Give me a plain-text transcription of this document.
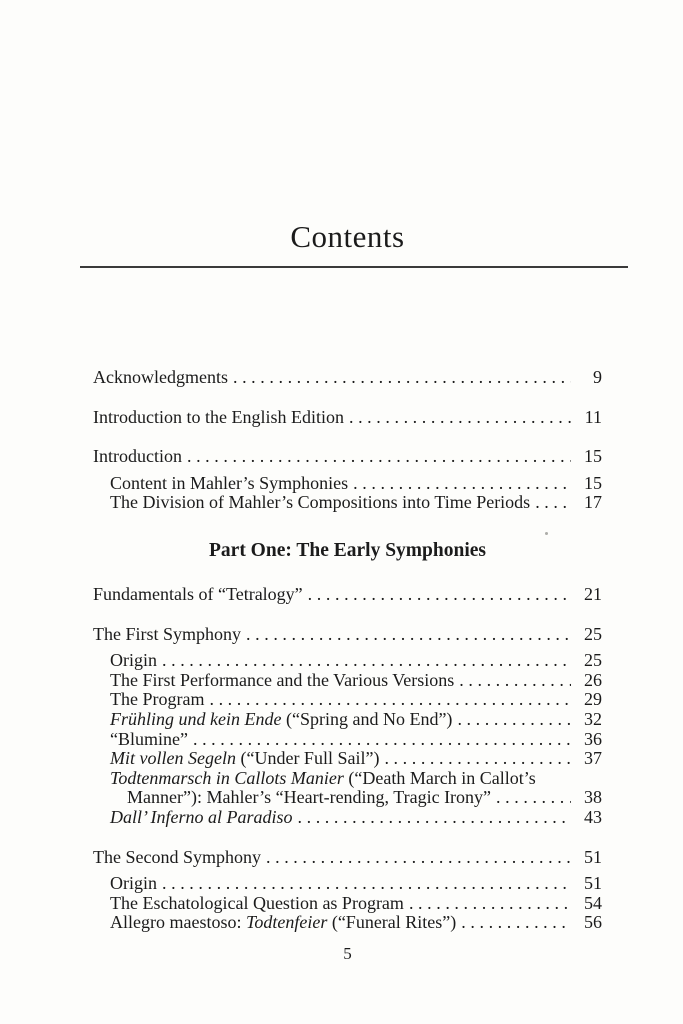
Contents
Acknowledgments .....	9
Introduction to the English Edition .....	11
Introduction .....	15
Content in Mahler’s Symphonies .....	15
The Division of Mahler’s Compositions into Time Periods .....	17
Part One: The Early Symphonies
Fundamentals of “Tetralogy” .....	21
The First Symphony .....	25
Origin .....	25
The First Performance and the Various Versions .....	26
The Program .....	29
Frühling und kein Ende (“Spring and No End”) .....	32
“Blumine” .....	36
Mit vollen Segeln (“Under Full Sail”) .....	37
Todtenmarsch in Callots Manier (“Death March in Callot’s
Manner”): Mahler’s “Heart-rending, Tragic Irony” .....	38
Dall’ Inferno al Paradiso .....	43
The Second Symphony .....	51
Origin .....	51
The Eschatological Question as Program .....	54
Allegro maestoso: Todtenfeier (“Funeral Rites”) .....	56
5
